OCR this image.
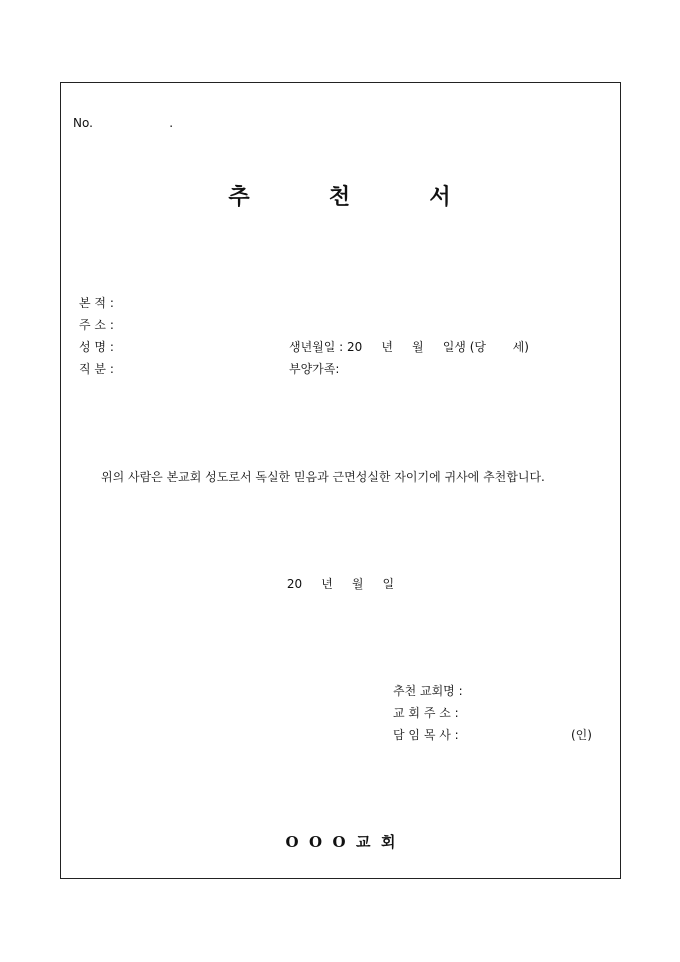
No.                    .
추        천        서
본 적 :
주 소 :
성 명 :	생년월일 : 20     년     월     일생 (당       세)
직 분 :	부양가족:
위의 사람은 본교회 성도로서 독실한 믿음과 근면성실한 자이기에 귀사에 추천합니다.
20     년     월     일
추천 교회명 :
교 회 주 소 :
담 임 목 사 :	(인)
O  O  O  교  회
